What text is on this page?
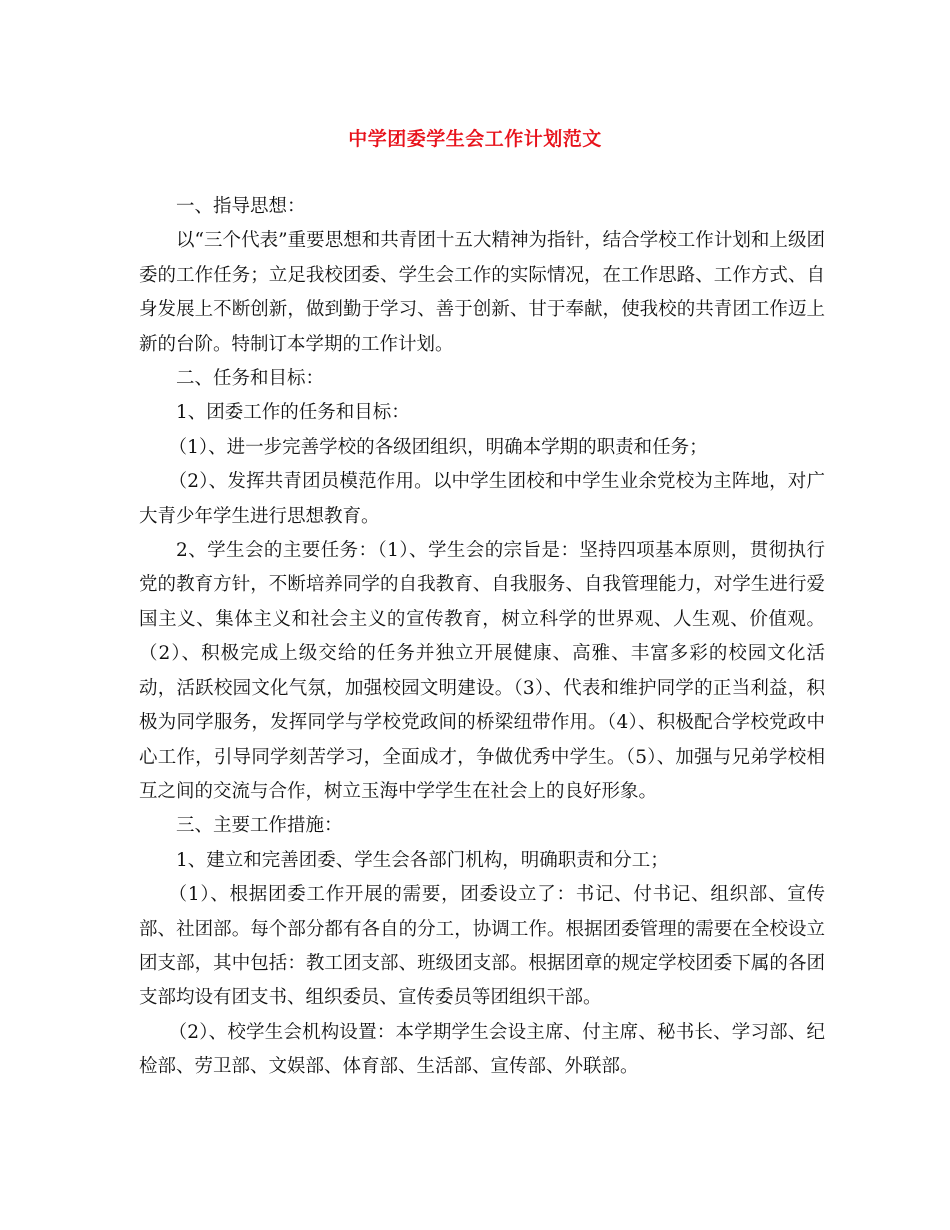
中学团委学生会工作计划范文

一、指导思想：

以“三个代表”重要思想和共青团十五大精神为指针，结合学校工作计划和上级团委的工作任务；立足我校团委、学生会工作的实际情况，在工作思路、工作方式、自身发展上不断创新，做到勤于学习、善于创新、甘于奉献，使我校的共青团工作迈上新的台阶。特制订本学期的工作计划。

二、任务和目标：

1、团委工作的任务和目标：

（1）、进一步完善学校的各级团组织，明确本学期的职责和任务；

（2）、发挥共青团员模范作用。以中学生团校和中学生业余党校为主阵地，对广大青少年学生进行思想教育。

2、学生会的主要任务：（1）、学生会的宗旨是：坚持四项基本原则，贯彻执行党的教育方针，不断培养同学的自我教育、自我服务、自我管理能力，对学生进行爱国主义、集体主义和社会主义的宣传教育，树立科学的世界观、人生观、价值观。（2）、积极完成上级交给的任务并独立开展健康、高雅、丰富多彩的校园文化活动，活跃校园文化气氛，加强校园文明建设。（3）、代表和维护同学的正当利益，积极为同学服务，发挥同学与学校党政间的桥梁纽带作用。（4）、积极配合学校党政中心工作，引导同学刻苦学习，全面成才，争做优秀中学生。（5）、加强与兄弟学校相互之间的交流与合作，树立玉海中学学生在社会上的良好形象。

三、主要工作措施：

1、建立和完善团委、学生会各部门机构，明确职责和分工；

（1）、根据团委工作开展的需要，团委设立了：书记、付书记、组织部、宣传部、社团部。每个部分都有各自的分工，协调工作。根据团委管理的需要在全校设立团支部，其中包括：教工团支部、班级团支部。根据团章的规定学校团委下属的各团支部均设有团支书、组织委员、宣传委员等团组织干部。

（2）、校学生会机构设置：本学期学生会设主席、付主席、秘书长、学习部、纪检部、劳卫部、文娱部、体育部、生活部、宣传部、外联部。
